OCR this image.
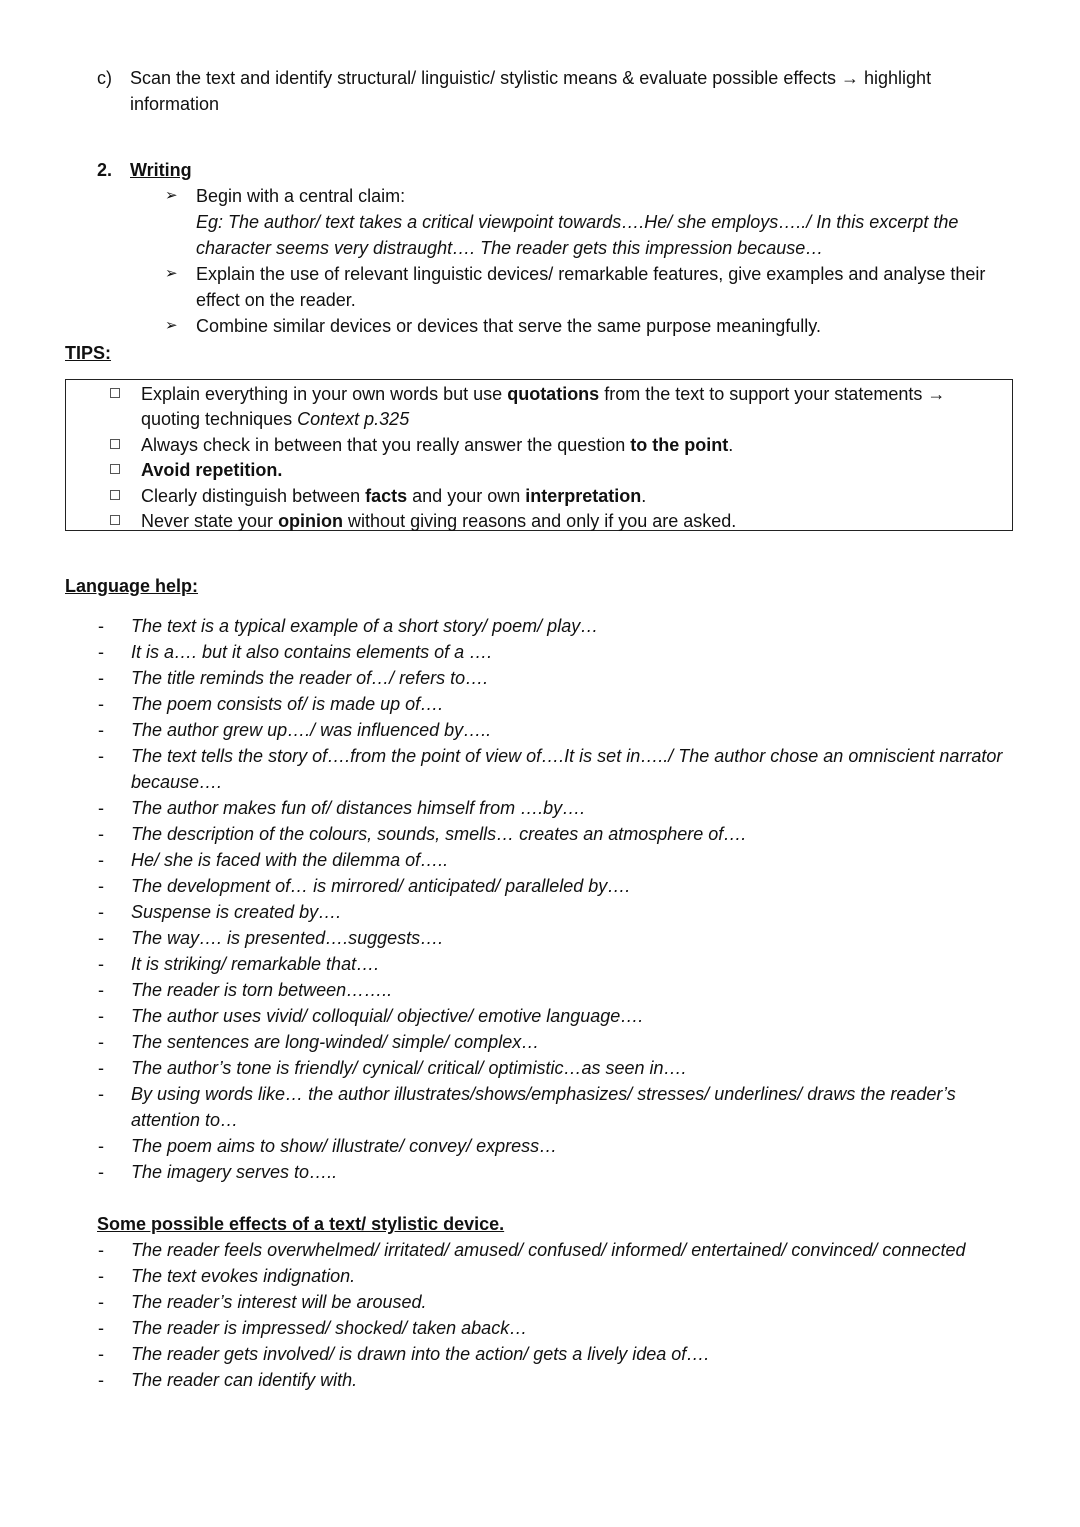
c) Scan the text and identify structural/ linguistic/ stylistic means & evaluate possible effects → highlight
information
2. Writing
➢ Begin with a central claim:
Eg: The author/ text takes a critical viewpoint towards….He/ she employs…../ In this excerpt the
character seems very distraught…. The reader gets this impression because…
➢ Explain the use of relevant linguistic devices/ remarkable features, give examples and analyse their
effect on the reader.
➢ Combine similar devices or devices that serve the same purpose meaningfully.
TIPS:
Explain everything in your own words but use quotations from the text to support your statements →
quoting techniques Context p.325
Always check in between that you really answer the question to the point.
Avoid repetition.
Clearly distinguish between facts and your own interpretation.
Never state your opinion without giving reasons and only if you are asked.
Language help:
- The text is a typical example of a short story/ poem/ play…
- It is a…. but it also contains elements of a ….
- The title reminds the reader of…/ refers to….
- The poem consists of/ is made up of….
- The author grew up…./ was influenced by…..
- The text tells the story of….from the point of view of….It is set in…../ The author chose an omniscient narrator
because….
- The author makes fun of/ distances himself from ….by….
- The description of the colours, sounds, smells… creates an atmosphere of….
- He/ she is faced with the dilemma of…..
- The development of… is mirrored/ anticipated/ paralleled by….
- Suspense is created by….
- The way…. is presented….suggests….
- It is striking/ remarkable that….
- The reader is torn between……..
- The author uses vivid/ colloquial/ objective/ emotive language….
- The sentences are long-winded/ simple/ complex…
- The author’s tone is friendly/ cynical/ critical/ optimistic…as seen in….
- By using words like… the author illustrates/shows/emphasizes/ stresses/ underlines/ draws the reader’s
attention to…
- The poem aims to show/ illustrate/ convey/ express…
- The imagery serves to…..
Some possible effects of a text/ stylistic device.
- The reader feels overwhelmed/ irritated/ amused/ confused/ informed/ entertained/ convinced/ connected
- The text evokes indignation.
- The reader’s interest will be aroused.
- The reader is impressed/ shocked/ taken aback…
- The reader gets involved/ is drawn into the action/ gets a lively idea of….
- The reader can identify with.
